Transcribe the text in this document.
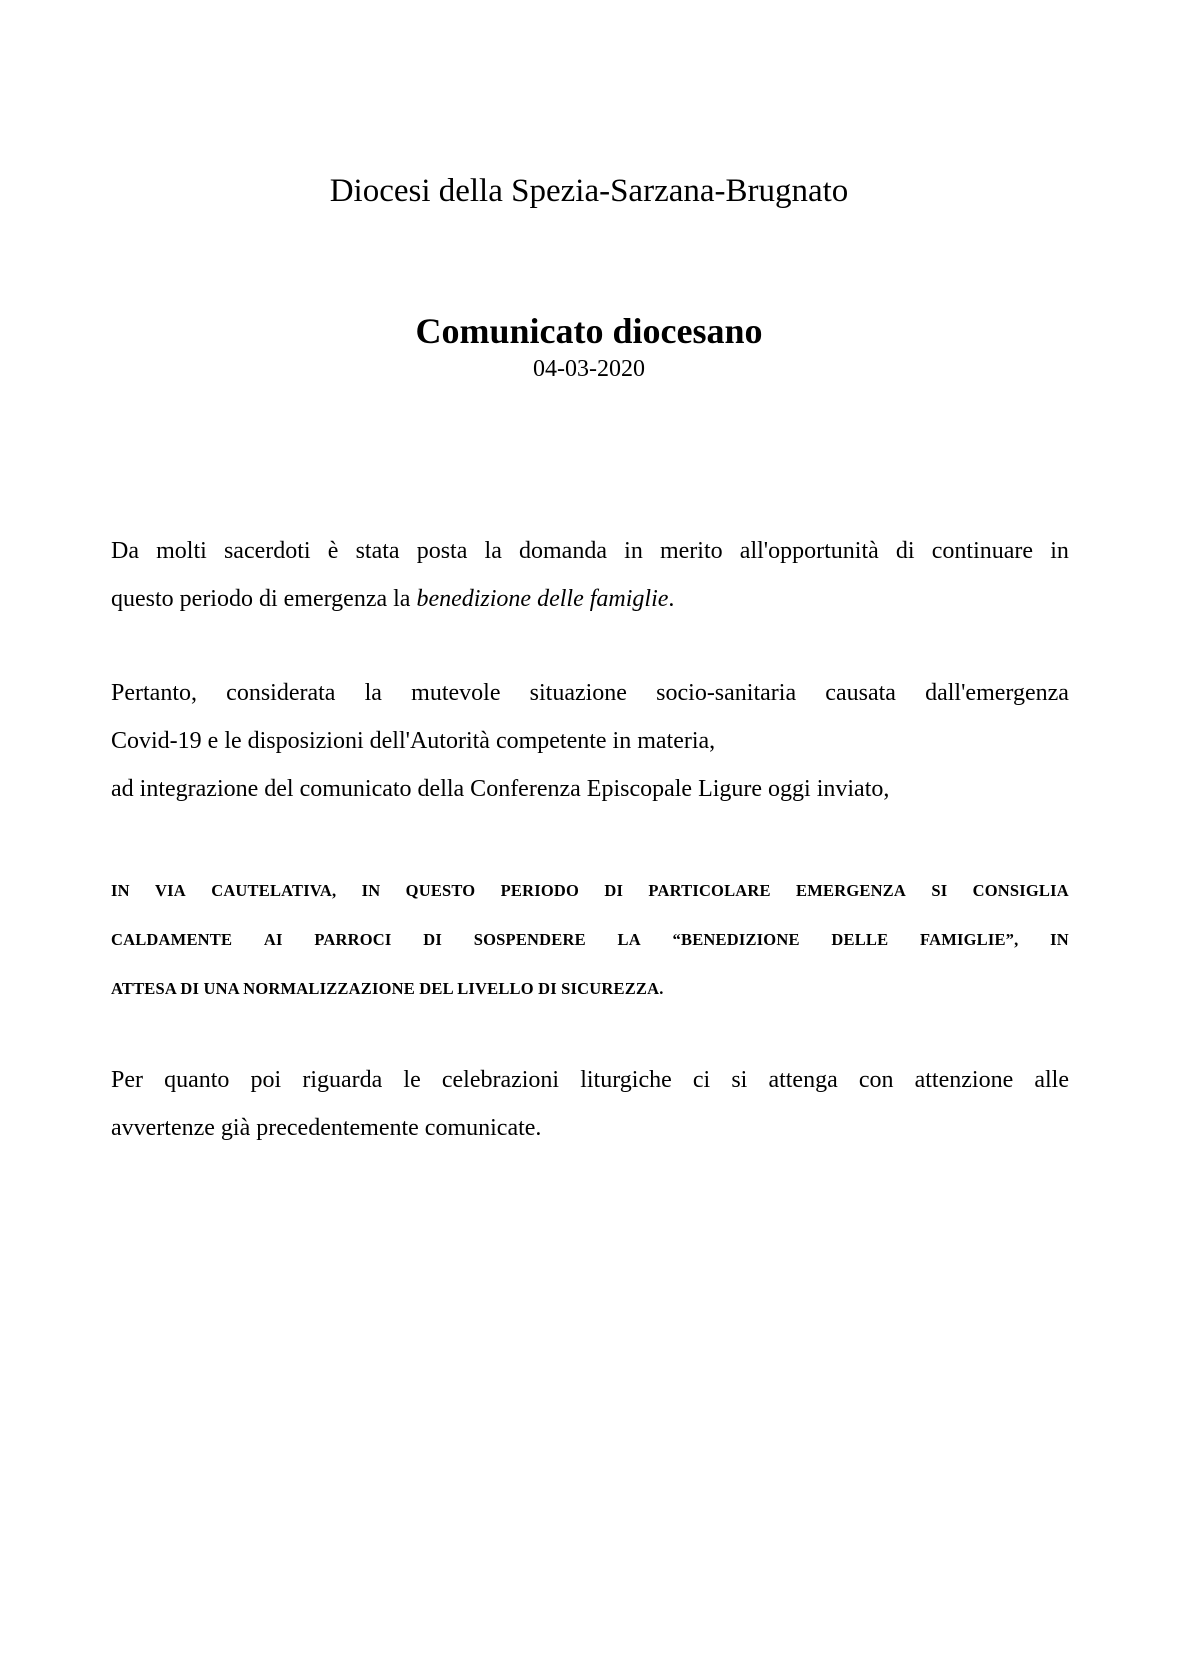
Diocesi della Spezia-Sarzana-Brugnato
Comunicato diocesano
04-03-2020
Da molti sacerdoti è stata posta la domanda in merito all'opportunità di continuare in
questo periodo di emergenza la benedizione delle famiglie.
Pertanto, considerata la mutevole situazione socio-sanitaria causata dall'emergenza
Covid-19 e le disposizioni dell'Autorità competente in materia,
ad integrazione del comunicato della Conferenza Episcopale Ligure oggi inviato,
IN VIA CAUTELATIVA, IN QUESTO PERIODO DI PARTICOLARE EMERGENZA SI CONSIGLIA
CALDAMENTE AI PARROCI DI SOSPENDERE LA “BENEDIZIONE DELLE FAMIGLIE”, IN
ATTESA DI UNA NORMALIZZAZIONE DEL LIVELLO DI SICUREZZA.
Per quanto poi riguarda le celebrazioni liturgiche ci si attenga con attenzione alle
avvertenze già precedentemente comunicate.
